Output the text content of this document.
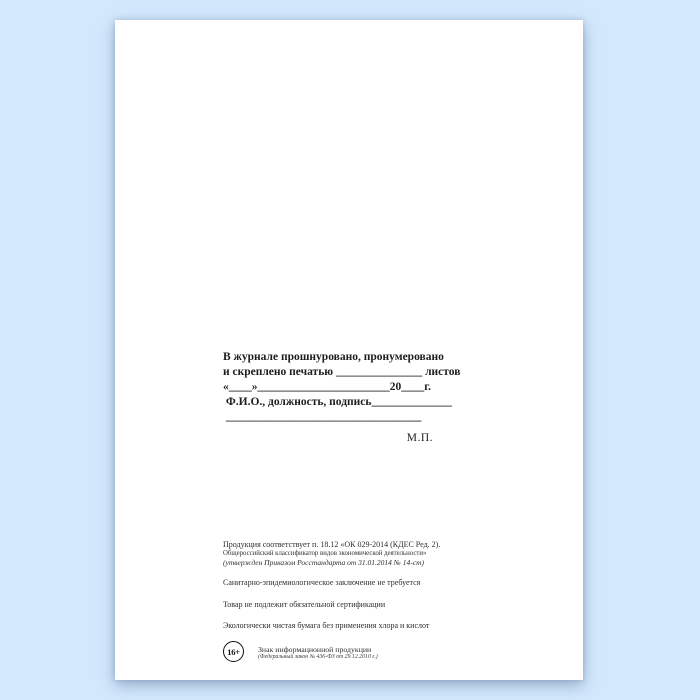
В журнале прошнуровано, пронумеровано
и скреплено печатью _______________ листов
«____»_______________________20____г.
Ф.И.О., должность, подпись______________
__________________________________
М.П.
Продукция соответствует п. 18.12 «ОК 029-2014 (КДЕС Ред. 2).
Общероссийский классификатор видов экономической деятельности»
(утвержден Приказом Росстандарта от 31.01.2014 № 14-ст)
Санитарно-эпидемиологическое заключение не требуется
Товар не подлежит обязательной сертификации
Экологически чистая бумага без применения хлора и кислот
16+ Знак информационной продукции
(Федеральный закон № 436-ФЗ от 29.12.2010 г.)
